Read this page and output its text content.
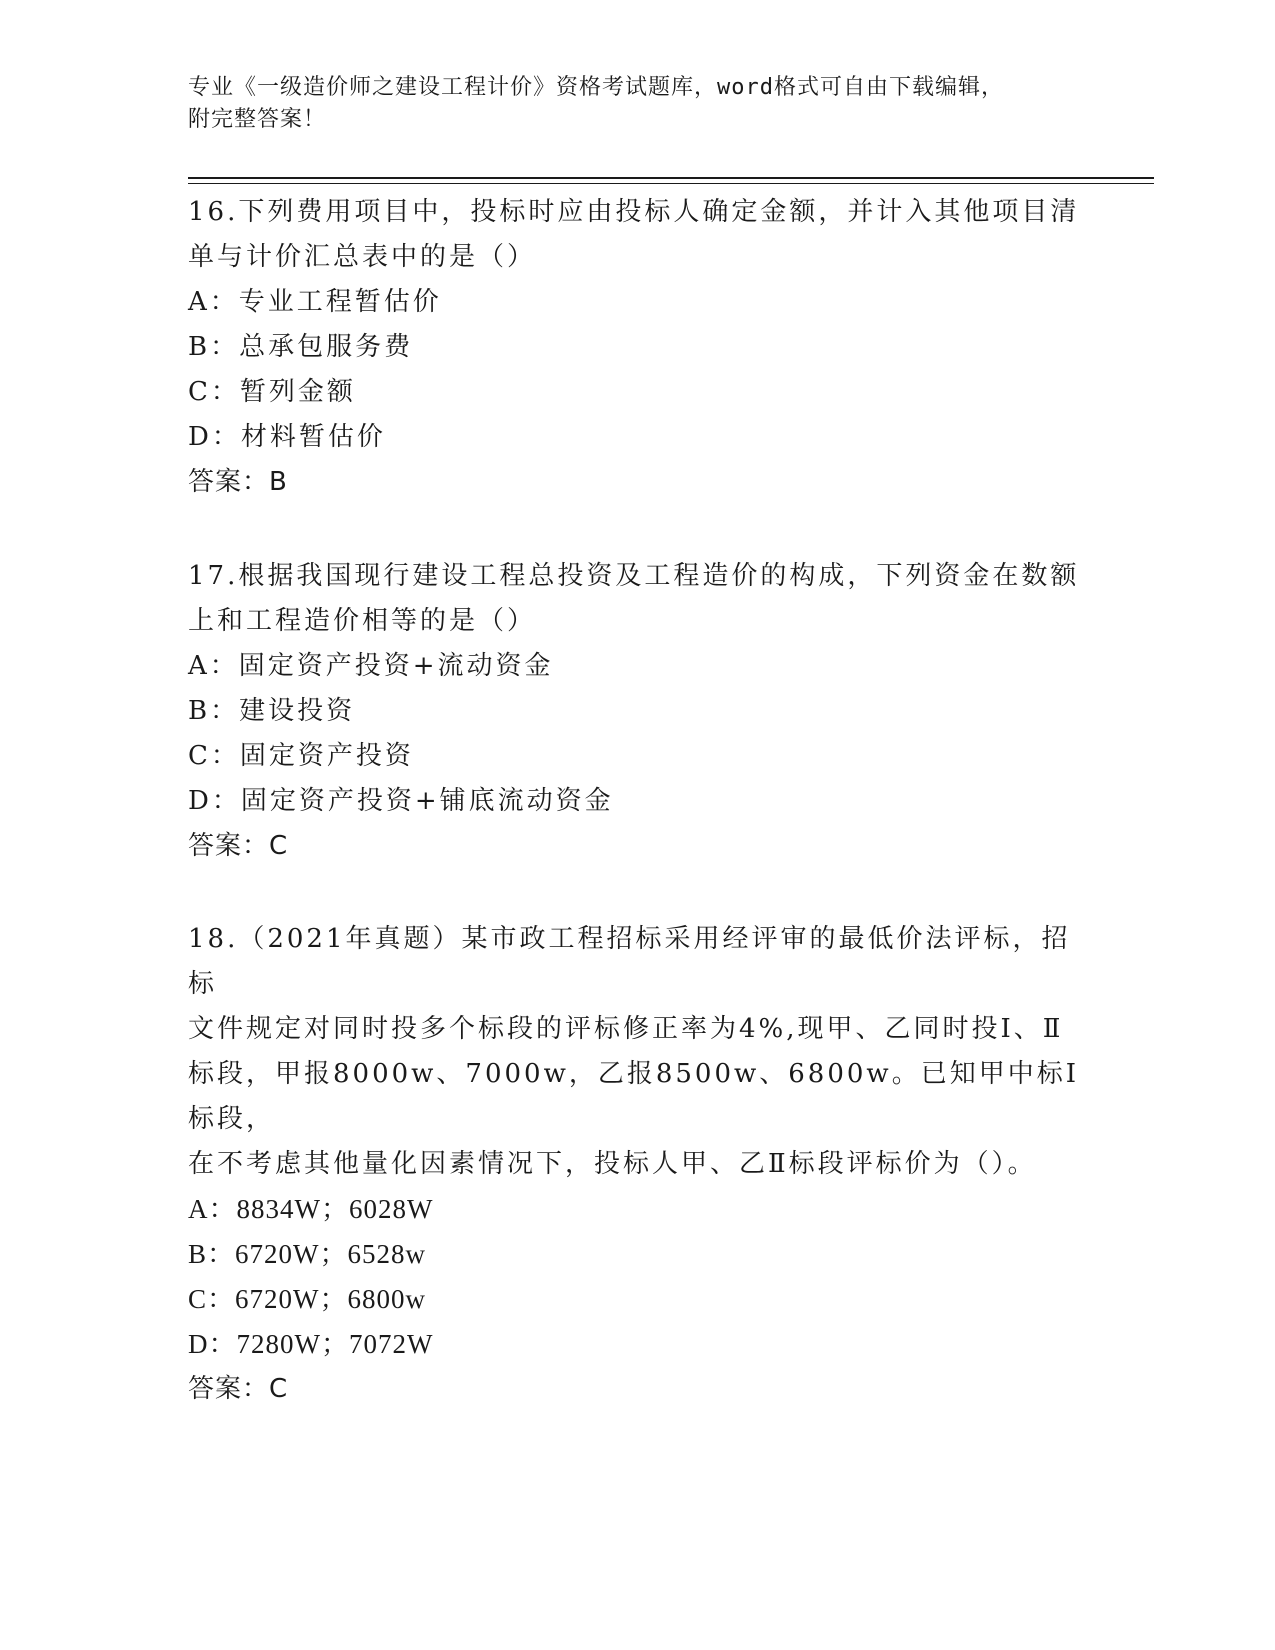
专业《一级造价师之建设工程计价》资格考试题库，word格式可自由下载编辑，
附完整答案！
16.下列费用项目中，投标时应由投标人确定金额，并计入其他项目清
单与计价汇总表中的是（）
A：专业工程暂估价
B：总承包服务费
C：暂列金额
D：材料暂估价
答案：B
17.根据我国现行建设工程总投资及工程造价的构成，下列资金在数额
上和工程造价相等的是（）
A：固定资产投资+流动资金
B：建设投资
C：固定资产投资
D：固定资产投资+铺底流动资金
答案：C
18.（2021年真题）某市政工程招标采用经评审的最低价法评标，招标
文件规定对同时投多个标段的评标修正率为4%,现甲、乙同时投Ⅰ、Ⅱ
标段，甲报8000w、7000w，乙报8500w、6800w。已知甲中标Ⅰ标段，
在不考虑其他量化因素情况下，投标人甲、乙Ⅱ标段评标价为（）。
A：8834W；6028W
B：6720W；6528w
C：6720W；6800w
D：7280W；7072W
答案：C
